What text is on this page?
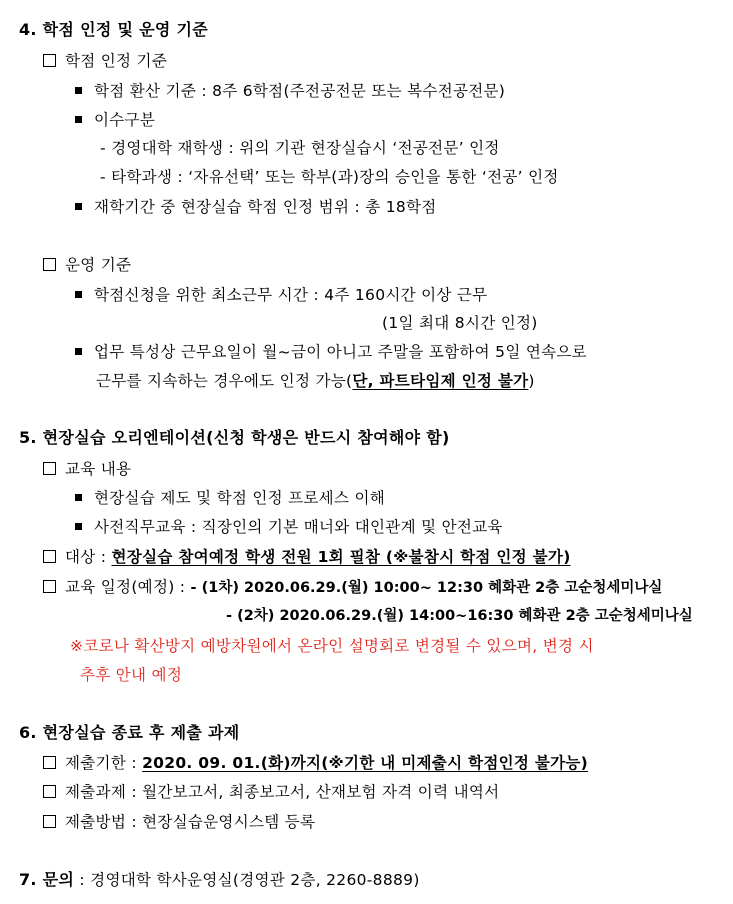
4. 학점 인정 및 운영 기준
학점 인정 기준
학점 환산 기준 : 8주 6학점(주전공전문 또는 복수전공전문)
이수구분
- 경영대학 재학생 : 위의 기관 현장실습시 ‘전공전문’ 인정
- 타학과생 : ‘자유선택’ 또는 학부(과)장의 승인을 통한 ‘전공’ 인정
재학기간 중 현장실습 학점 인정 범위 : 총 18학점
운영 기준
학점신청을 위한 최소근무 시간 : 4주 160시간 이상 근무
(1일 최대 8시간 인정)
업무 특성상 근무요일이 월~금이 아니고 주말을 포함하여 5일 연속으로
근무를 지속하는 경우에도 인정 가능(단, 파트타임제 인정 불가)
5. 현장실습 오리엔테이션(신청 학생은 반드시 참여해야 함)
교육 내용
현장실습 제도 및 학점 인정 프로세스 이해
사전직무교육 : 직장인의 기본 매너와 대인관계 및 안전교육
대상 : 현장실습 참여예정 학생 전원 1회 필참 (※불참시 학점 인정 불가)
교육 일정(예정) : - (1차) 2020.06.29.(월) 10:00~ 12:30 혜화관 2층 고순청세미나실
- (2차) 2020.06.29.(월) 14:00~16:30 혜화관 2층 고순청세미나실
※코로나 확산방지 예방차원에서 온라인 설명회로 변경될 수 있으며, 변경 시
추후 안내 예정
6. 현장실습 종료 후 제출 과제
제출기한 : 2020. 09. 01.(화)까지(※기한 내 미제출시 학점인정 불가능)
제출과제 : 월간보고서, 최종보고서, 산재보험 자격 이력 내역서
제출방법 : 현장실습운영시스템 등록
7. 문의 : 경영대학 학사운영실(경영관 2층, 2260-8889)
